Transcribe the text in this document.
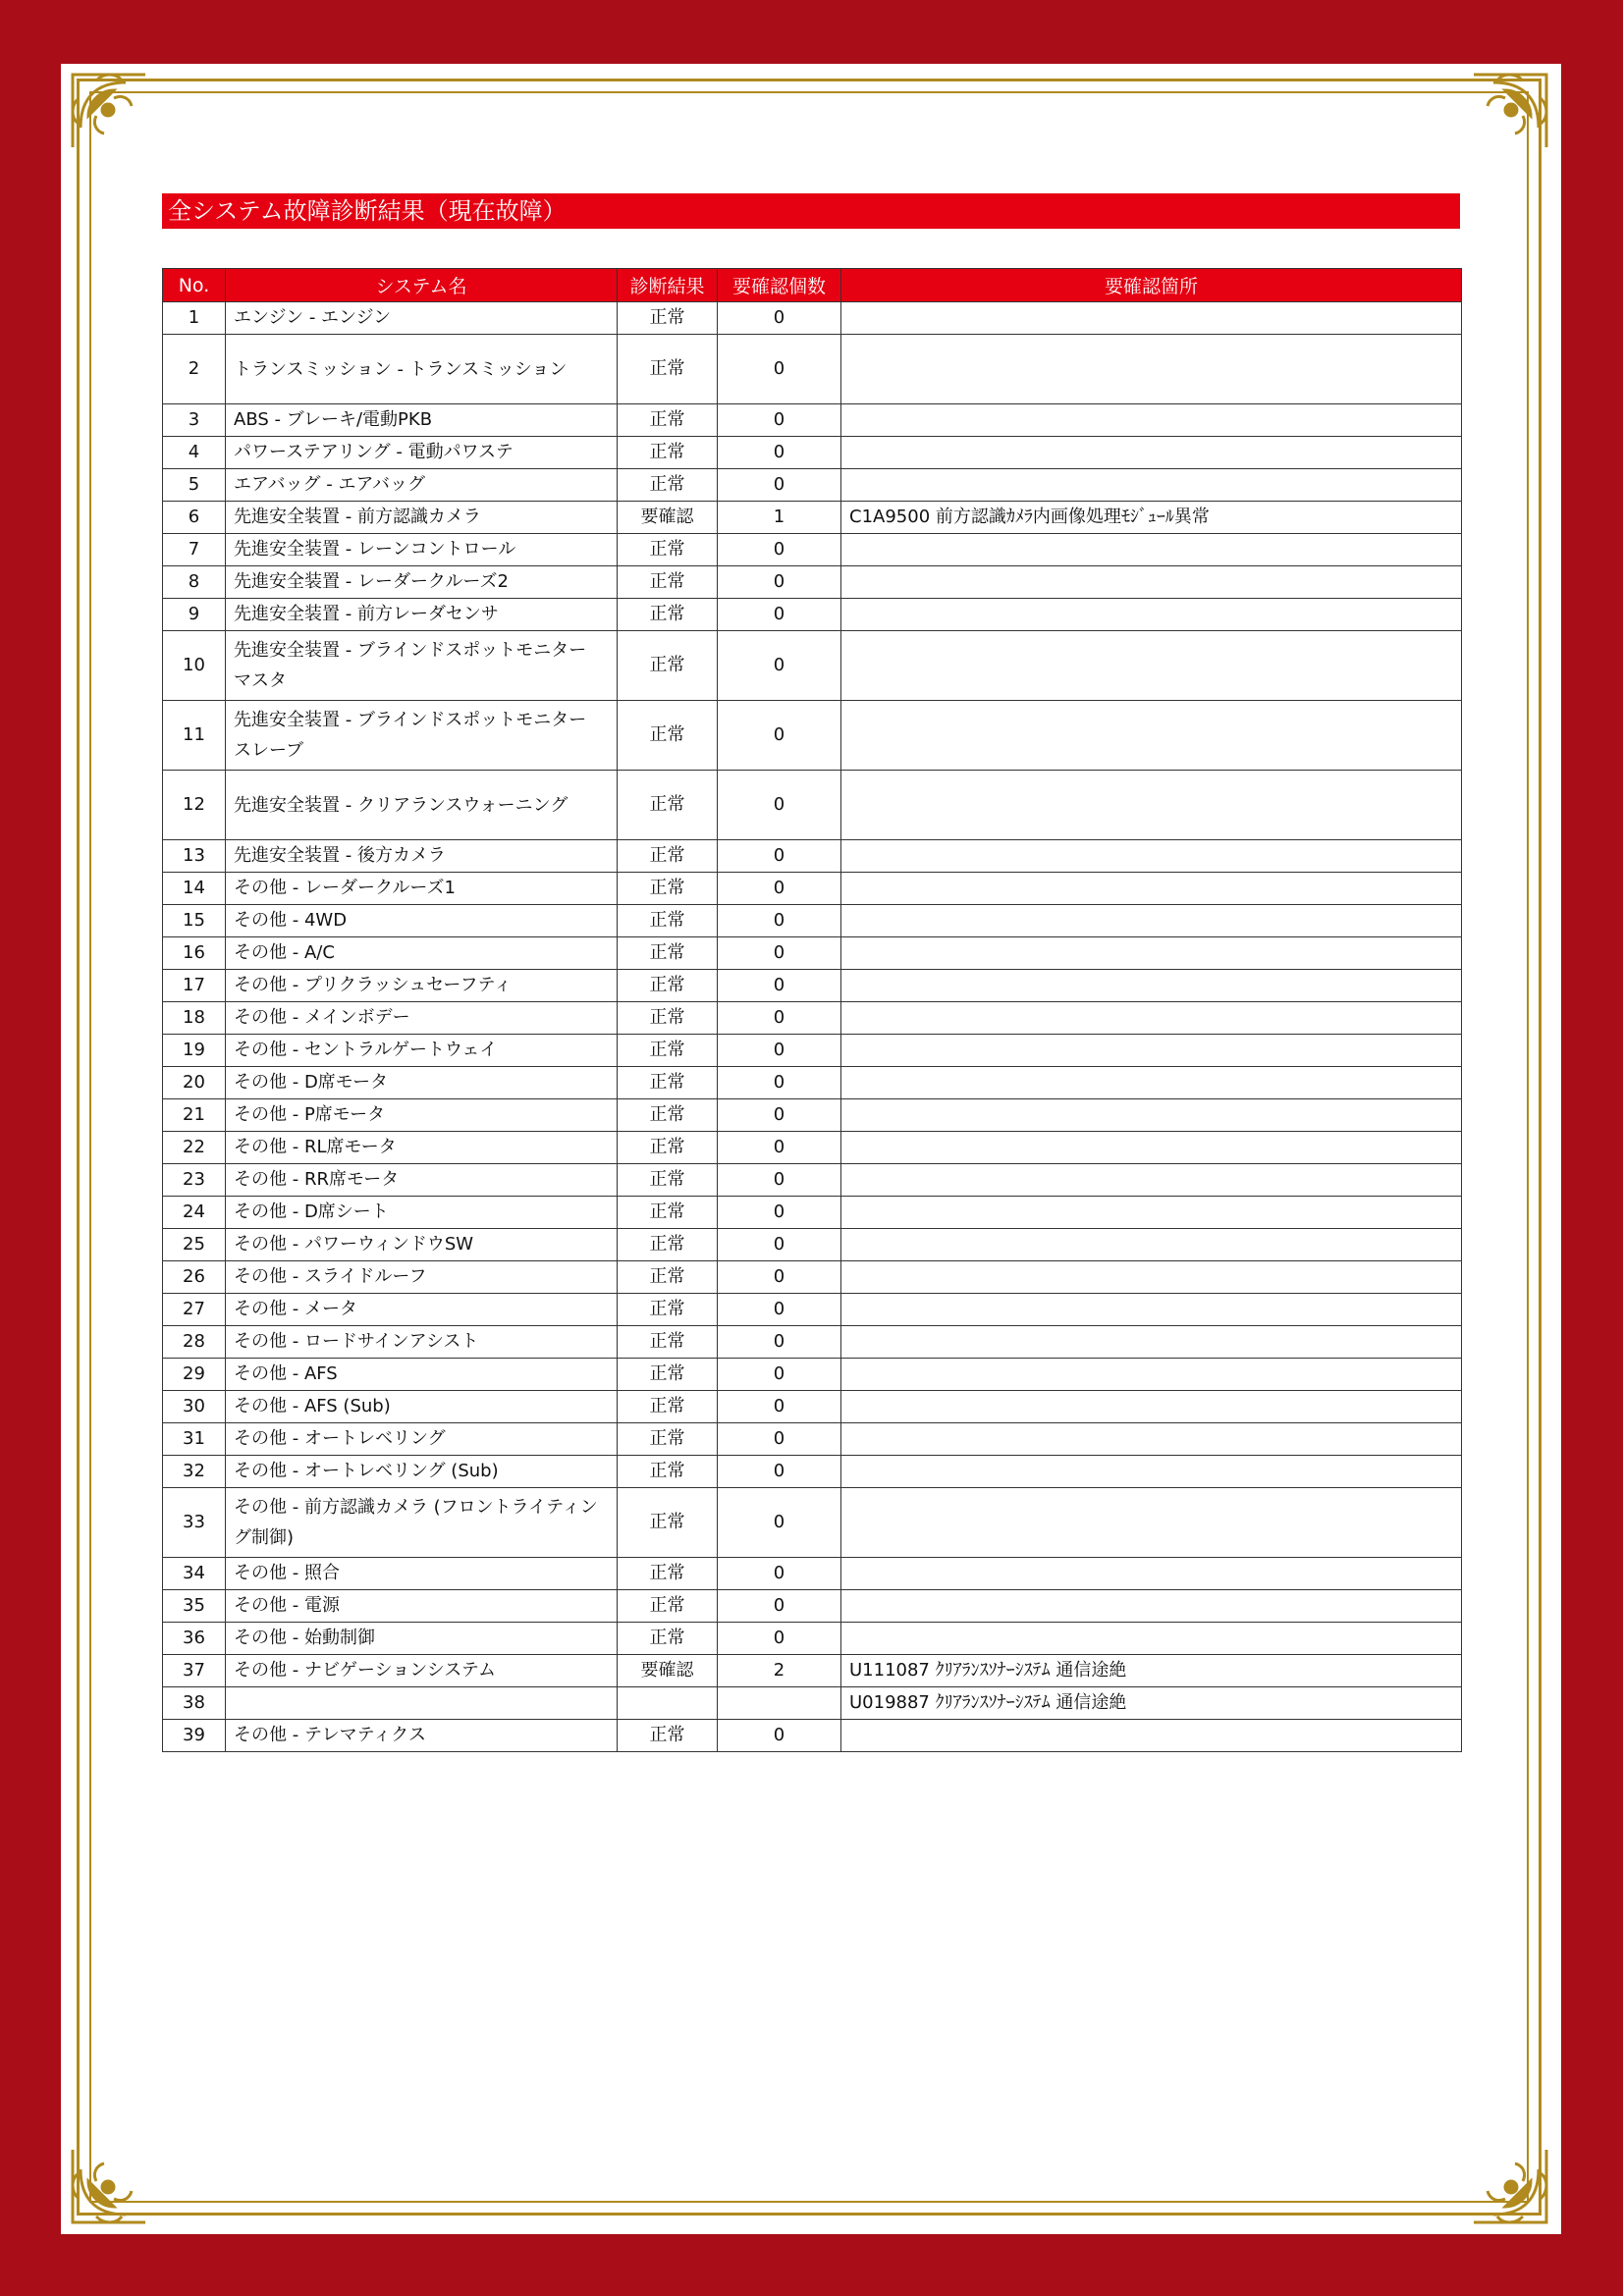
全システム故障診断結果（現在故障）
No.	システム名	診断結果	要確認個数	要確認箇所
1	エンジン - エンジン	正常	0	
2	トランスミッション - トランスミッション	正常	0	
3	ABS - ブレーキ/電動PKB	正常	0	
4	パワーステアリング - 電動パワステ	正常	0	
5	エアバッグ - エアバッグ	正常	0	
6	先進安全装置 - 前方認識カメラ	要確認	1	C1A9500 前方認識ｶﾒﾗ内画像処理ﾓｼﾞｭｰﾙ異常
7	先進安全装置 - レーンコントロール	正常	0	
8	先進安全装置 - レーダークルーズ2	正常	0	
9	先進安全装置 - 前方レーダセンサ	正常	0	
10	先進安全装置 - ブラインドスポットモニター マスタ	正常	0	
11	先進安全装置 - ブラインドスポットモニター スレーブ	正常	0	
12	先進安全装置 - クリアランスウォーニング	正常	0	
13	先進安全装置 - 後方カメラ	正常	0	
14	その他 - レーダークルーズ1	正常	0	
15	その他 - 4WD	正常	0	
16	その他 - A/C	正常	0	
17	その他 - プリクラッシュセーフティ	正常	0	
18	その他 - メインボデー	正常	0	
19	その他 - セントラルゲートウェイ	正常	0	
20	その他 - D席モータ	正常	0	
21	その他 - P席モータ	正常	0	
22	その他 - RL席モータ	正常	0	
23	その他 - RR席モータ	正常	0	
24	その他 - D席シート	正常	0	
25	その他 - パワーウィンドウSW	正常	0	
26	その他 - スライドルーフ	正常	0	
27	その他 - メータ	正常	0	
28	その他 - ロードサインアシスト	正常	0	
29	その他 - AFS	正常	0	
30	その他 - AFS (Sub)	正常	0	
31	その他 - オートレベリング	正常	0	
32	その他 - オートレベリング (Sub)	正常	0	
33	その他 - 前方認識カメラ (フロントライティング制御)	正常	0	
34	その他 - 照合	正常	0	
35	その他 - 電源	正常	0	
36	その他 - 始動制御	正常	0	
37	その他 - ナビゲーションシステム	要確認	2	U111087 ｸﾘｱﾗﾝｽｿﾅｰｼｽﾃﾑ 通信途絶
38				U019887 ｸﾘｱﾗﾝｽｿﾅｰｼｽﾃﾑ 通信途絶
39	その他 - テレマティクス	正常	0	
